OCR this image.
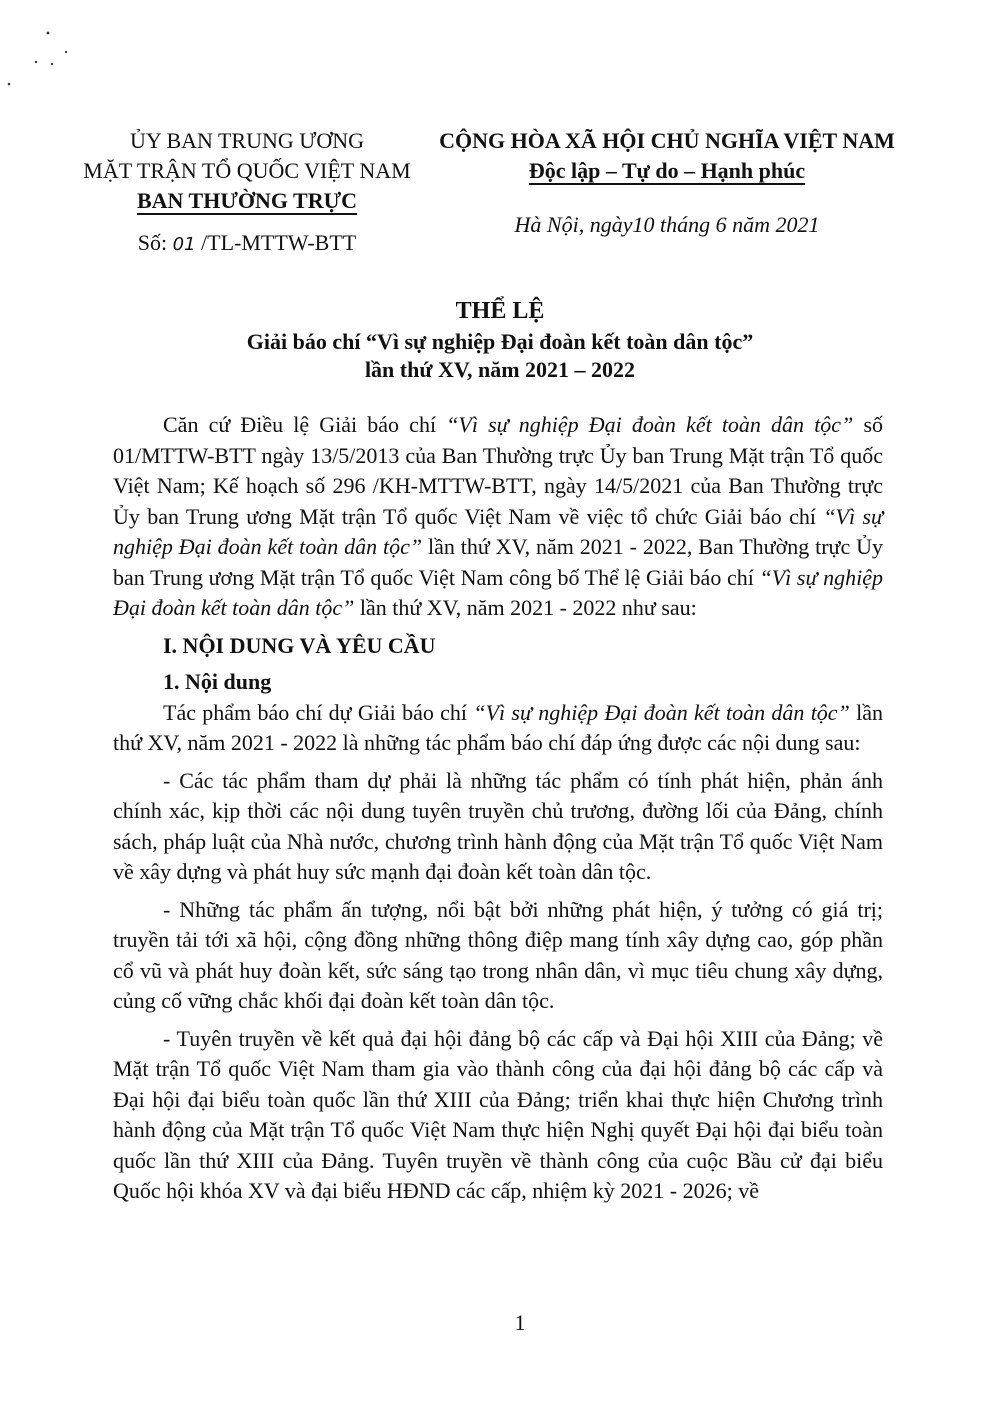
ỦY BAN TRUNG ƯƠNG
MẶT TRẬN TỔ QUỐC VIỆT NAM
BAN THƯỜNG TRỰC
Số: 01 /TL-MTTW-BTT
CỘNG HÒA XÃ HỘI CHỦ NGHĨA VIỆT NAM
Độc lập – Tự do – Hạnh phúc
Hà Nội, ngày10 tháng 6 năm 2021
THỂ LỆ
Giải báo chí “Vì sự nghiệp Đại đoàn kết toàn dân tộc”
lần thứ XV, năm 2021 – 2022

Căn cứ Điều lệ Giải báo chí “Vì sự nghiệp Đại đoàn kết toàn dân tộc” số 01/MTTW-BTT ngày 13/5/2013 của Ban Thường trực Ủy ban Trung Mặt trận Tổ quốc Việt Nam; Kế hoạch số 296 /KH-MTTW-BTT, ngày 14/5/2021 của Ban Thường trực Ủy ban Trung ương Mặt trận Tổ quốc Việt Nam về việc tổ chức Giải báo chí “Vì sự nghiệp Đại đoàn kết toàn dân tộc” lần thứ XV, năm 2021 - 2022, Ban Thường trực Ủy ban Trung ương Mặt trận Tổ quốc Việt Nam công bố Thể lệ Giải báo chí “Vì sự nghiệp Đại đoàn kết toàn dân tộc” lần thứ XV, năm 2021 - 2022 như sau:

I. NỘI DUNG VÀ YÊU CẦU
1. Nội dung

Tác phẩm báo chí dự Giải báo chí “Vì sự nghiệp Đại đoàn kết toàn dân tộc” lần thứ XV, năm 2021 - 2022 là những tác phẩm báo chí đáp ứng được các nội dung sau:

- Các tác phẩm tham dự phải là những tác phẩm có tính phát hiện, phản ánh chính xác, kịp thời các nội dung tuyên truyền chủ trương, đường lối của Đảng, chính sách, pháp luật của Nhà nước, chương trình hành động của Mặt trận Tổ quốc Việt Nam về xây dựng và phát huy sức mạnh đại đoàn kết toàn dân tộc.

- Những tác phẩm ấn tượng, nổi bật bởi những phát hiện, ý tưởng có giá trị; truyền tải tới xã hội, cộng đồng những thông điệp mang tính xây dựng cao, góp phần cổ vũ và phát huy đoàn kết, sức sáng tạo trong nhân dân, vì mục tiêu chung xây dựng, củng cố vững chắc khối đại đoàn kết toàn dân tộc.

- Tuyên truyền về kết quả đại hội đảng bộ các cấp và Đại hội XIII của Đảng; về Mặt trận Tổ quốc Việt Nam tham gia vào thành công của đại hội đảng bộ các cấp và Đại hội đại biểu toàn quốc lần thứ XIII của Đảng; triển khai thực hiện Chương trình hành động của Mặt trận Tổ quốc Việt Nam thực hiện Nghị quyết Đại hội đại biểu toàn quốc lần thứ XIII của Đảng. Tuyên truyền về thành công của cuộc Bầu cử đại biểu Quốc hội khóa XV và đại biểu HĐND các cấp, nhiệm kỳ 2021 - 2026; về

1
